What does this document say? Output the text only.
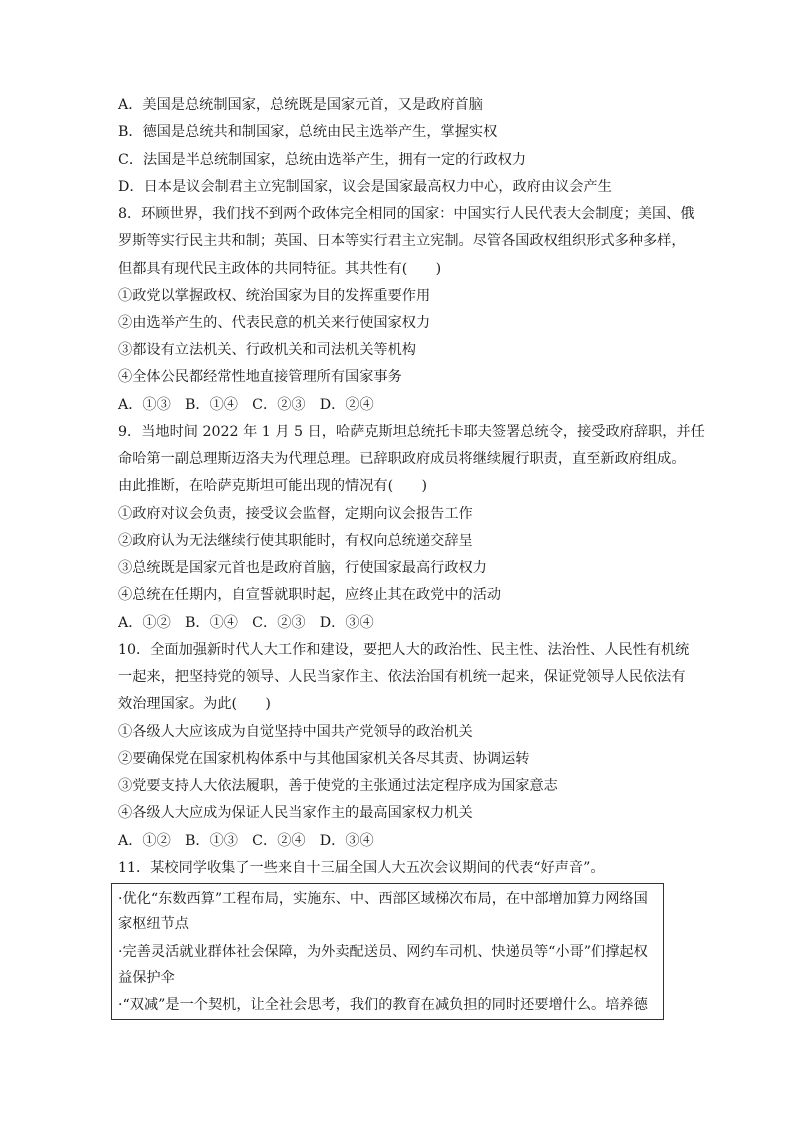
A．美国是总统制国家，总统既是国家元首，又是政府首脑
B．德国是总统共和制国家，总统由民主选举产生，掌握实权
C．法国是半总统制国家，总统由选举产生，拥有一定的行政权力
D．日本是议会制君主立宪制国家，议会是国家最高权力中心，政府由议会产生
8．环顾世界，我们找不到两个政体完全相同的国家：中国实行人民代表大会制度；美国、俄
罗斯等实行民主共和制；英国、日本等实行君主立宪制。尽管各国政权组织形式多种多样，
但都具有现代民主政体的共同特征。其共性有(　　)
①政党以掌握政权、统治国家为目的发挥重要作用
②由选举产生的、代表民意的机关来行使国家权力
③都设有立法机关、行政机关和司法机关等机构
④全体公民都经常性地直接管理所有国家事务
A．①③　B．①④　C．②③　D．②④
9．当地时间 2022 年 1 月 5 日，哈萨克斯坦总统托卡耶夫签署总统令，接受政府辞职，并任
命哈第一副总理斯迈洛夫为代理总理。已辞职政府成员将继续履行职责，直至新政府组成。
由此推断，在哈萨克斯坦可能出现的情况有(　　)
①政府对议会负责，接受议会监督，定期向议会报告工作
②政府认为无法继续行使其职能时，有权向总统递交辞呈
③总统既是国家元首也是政府首脑，行使国家最高行政权力
④总统在任期内，自宣誓就职时起，应终止其在政党中的活动
A．①②　B．①④　C．②③　D．③④
10．全面加强新时代人大工作和建设，要把人大的政治性、民主性、法治性、人民性有机统
一起来，把坚持党的领导、人民当家作主、依法治国有机统一起来，保证党领导人民依法有
效治理国家。为此(　　)
①各级人大应该成为自觉坚持中国共产党领导的政治机关
②要确保党在国家机构体系中与其他国家机关各尽其责、协调运转
③党要支持人大依法履职，善于使党的主张通过法定程序成为国家意志
④各级人大应成为保证人民当家作主的最高国家权力机关
A．①②　B．①③　C．②④　D．③④
11．某校同学收集了一些来自十三届全国人大五次会议期间的代表“好声音”。
·优化“东数西算”工程布局，实施东、中、西部区域梯次布局，在中部增加算力网络国
家枢纽节点
·完善灵活就业群体社会保障，为外卖配送员、网约车司机、快递员等“小哥”们撑起权
益保护伞
·“双减”是一个契机，让全社会思考，我们的教育在减负担的同时还要增什么。培养德
